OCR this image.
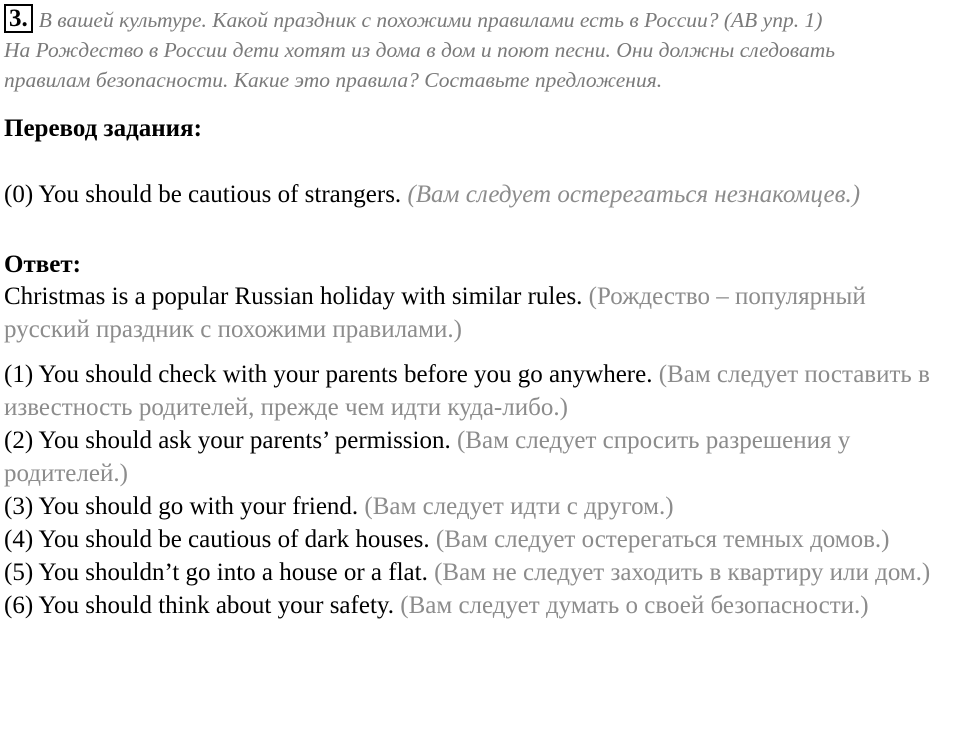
3. В вашей культуре. Какой праздник с похожими правилами есть в России? (AB упр. 1)
На Рождество в России дети хотят из дома в дом и поют песни. Они должны следовать
правилам безопасности. Какие это правила? Составьте предложения.
Перевод задания:
(0) You should be cautious of strangers. (Вам следует остерегаться незнакомцев.)
Ответ:
Christmas is a popular Russian holiday with similar rules. (Рождество – популярный русский праздник с похожими правилами.)
(1) You should check with your parents before you go anywhere. (Вам следует поставить в известность родителей, прежде чем идти куда-либо.)
(2) You should ask your parents’ permission. (Вам следует спросить разрешения у родителей.)
(3) You should go with your friend. (Вам следует идти с другом.)
(4) You should be cautious of dark houses. (Вам следует остерегаться темных домов.)
(5) You shouldn’t go into a house or a flat. (Вам не следует заходить в квартиру или дом.)
(6) You should think about your safety. (Вам следует думать о своей безопасности.)
